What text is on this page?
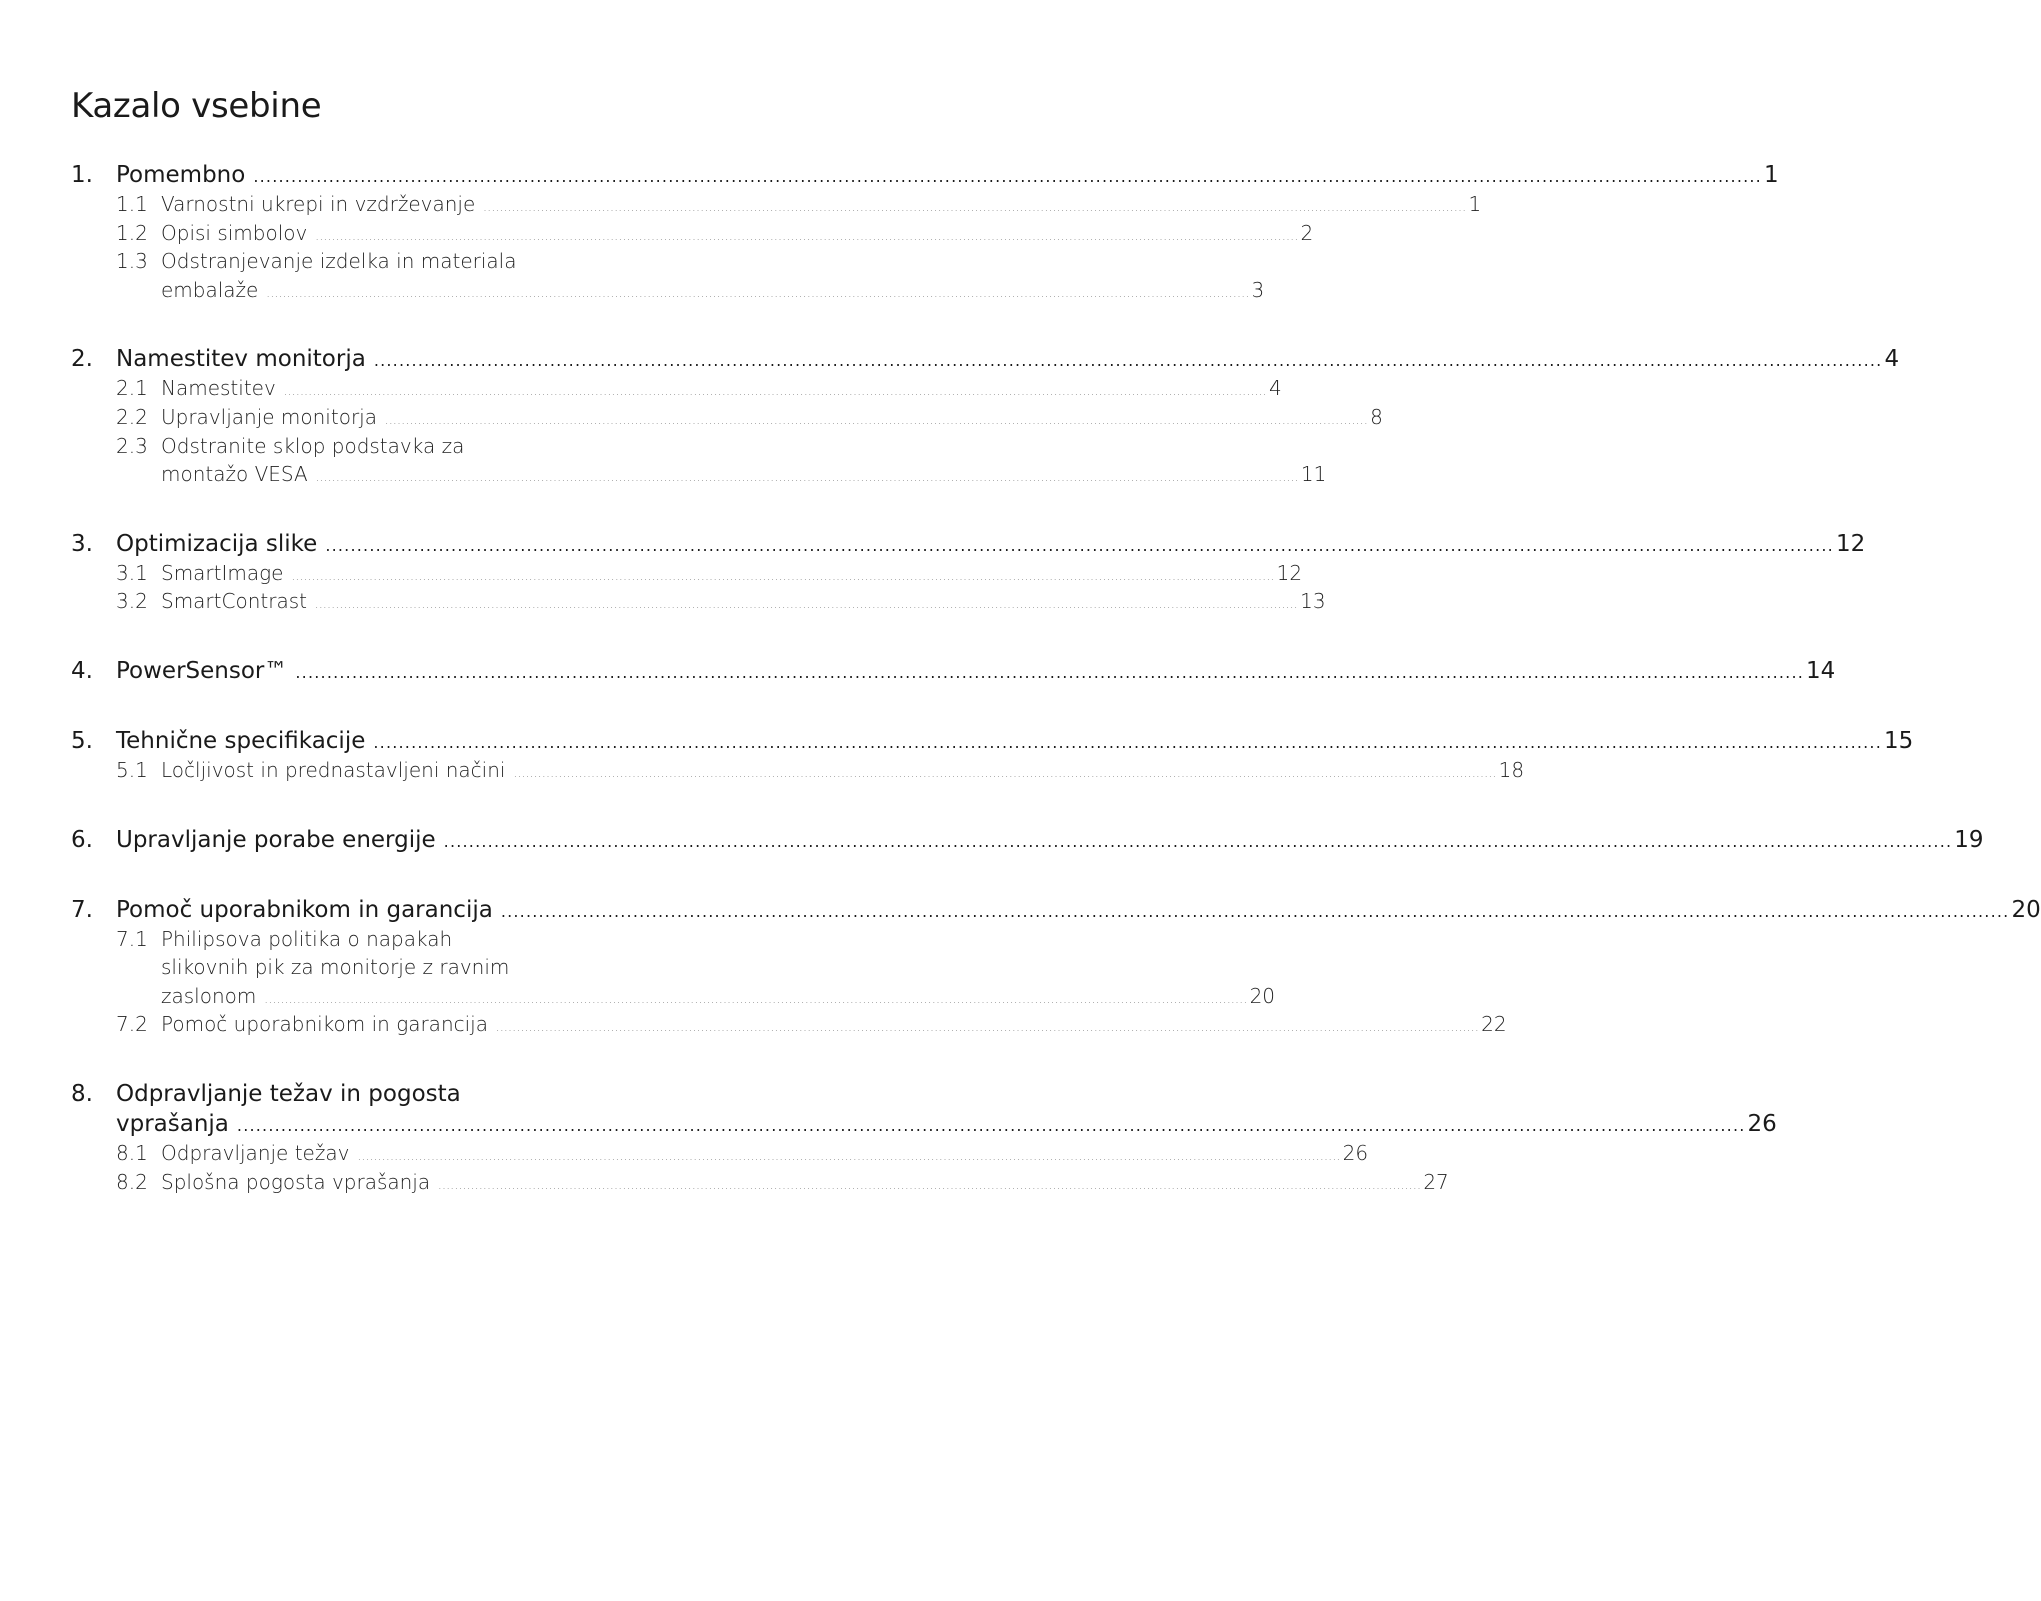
Kazalo vsebine
1.	Pomembno .....	1
1.1 Varnostni ukrepi in vzdrževanje .....	1
1.2 Opisi simbolov .....	2
1.3 Odstranjevanje izdelka in materiala
embalaže .....	3
2.	Namestitev monitorja .....	4
2.1 Namestitev .....	4
2.2 Upravljanje monitorja .....	8
2.3 Odstranite sklop podstavka za
montažo VESA .....	11
3.	Optimizacija slike .....	12
3.1 SmartImage .....	12
3.2 SmartContrast .....	13
4.	PowerSensor™ .....	14
5.	Tehnične specifikacije .....	15
5.1 Ločljivost in prednastavljeni načini .....	18
6.	Upravljanje porabe energije .....	19
7.	Pomoč uporabnikom in garancija .....	20
7.1 Philipsova politika o napakah
slikovnih pik za monitorje z ravnim
zaslonom .....	20
7.2 Pomoč uporabnikom in garancija .....	22
8.	Odpravljanje težav in pogosta
vprašanja .....	26
8.1 Odpravljanje težav .....	26
8.2 Splošna pogosta vprašanja .....	27
